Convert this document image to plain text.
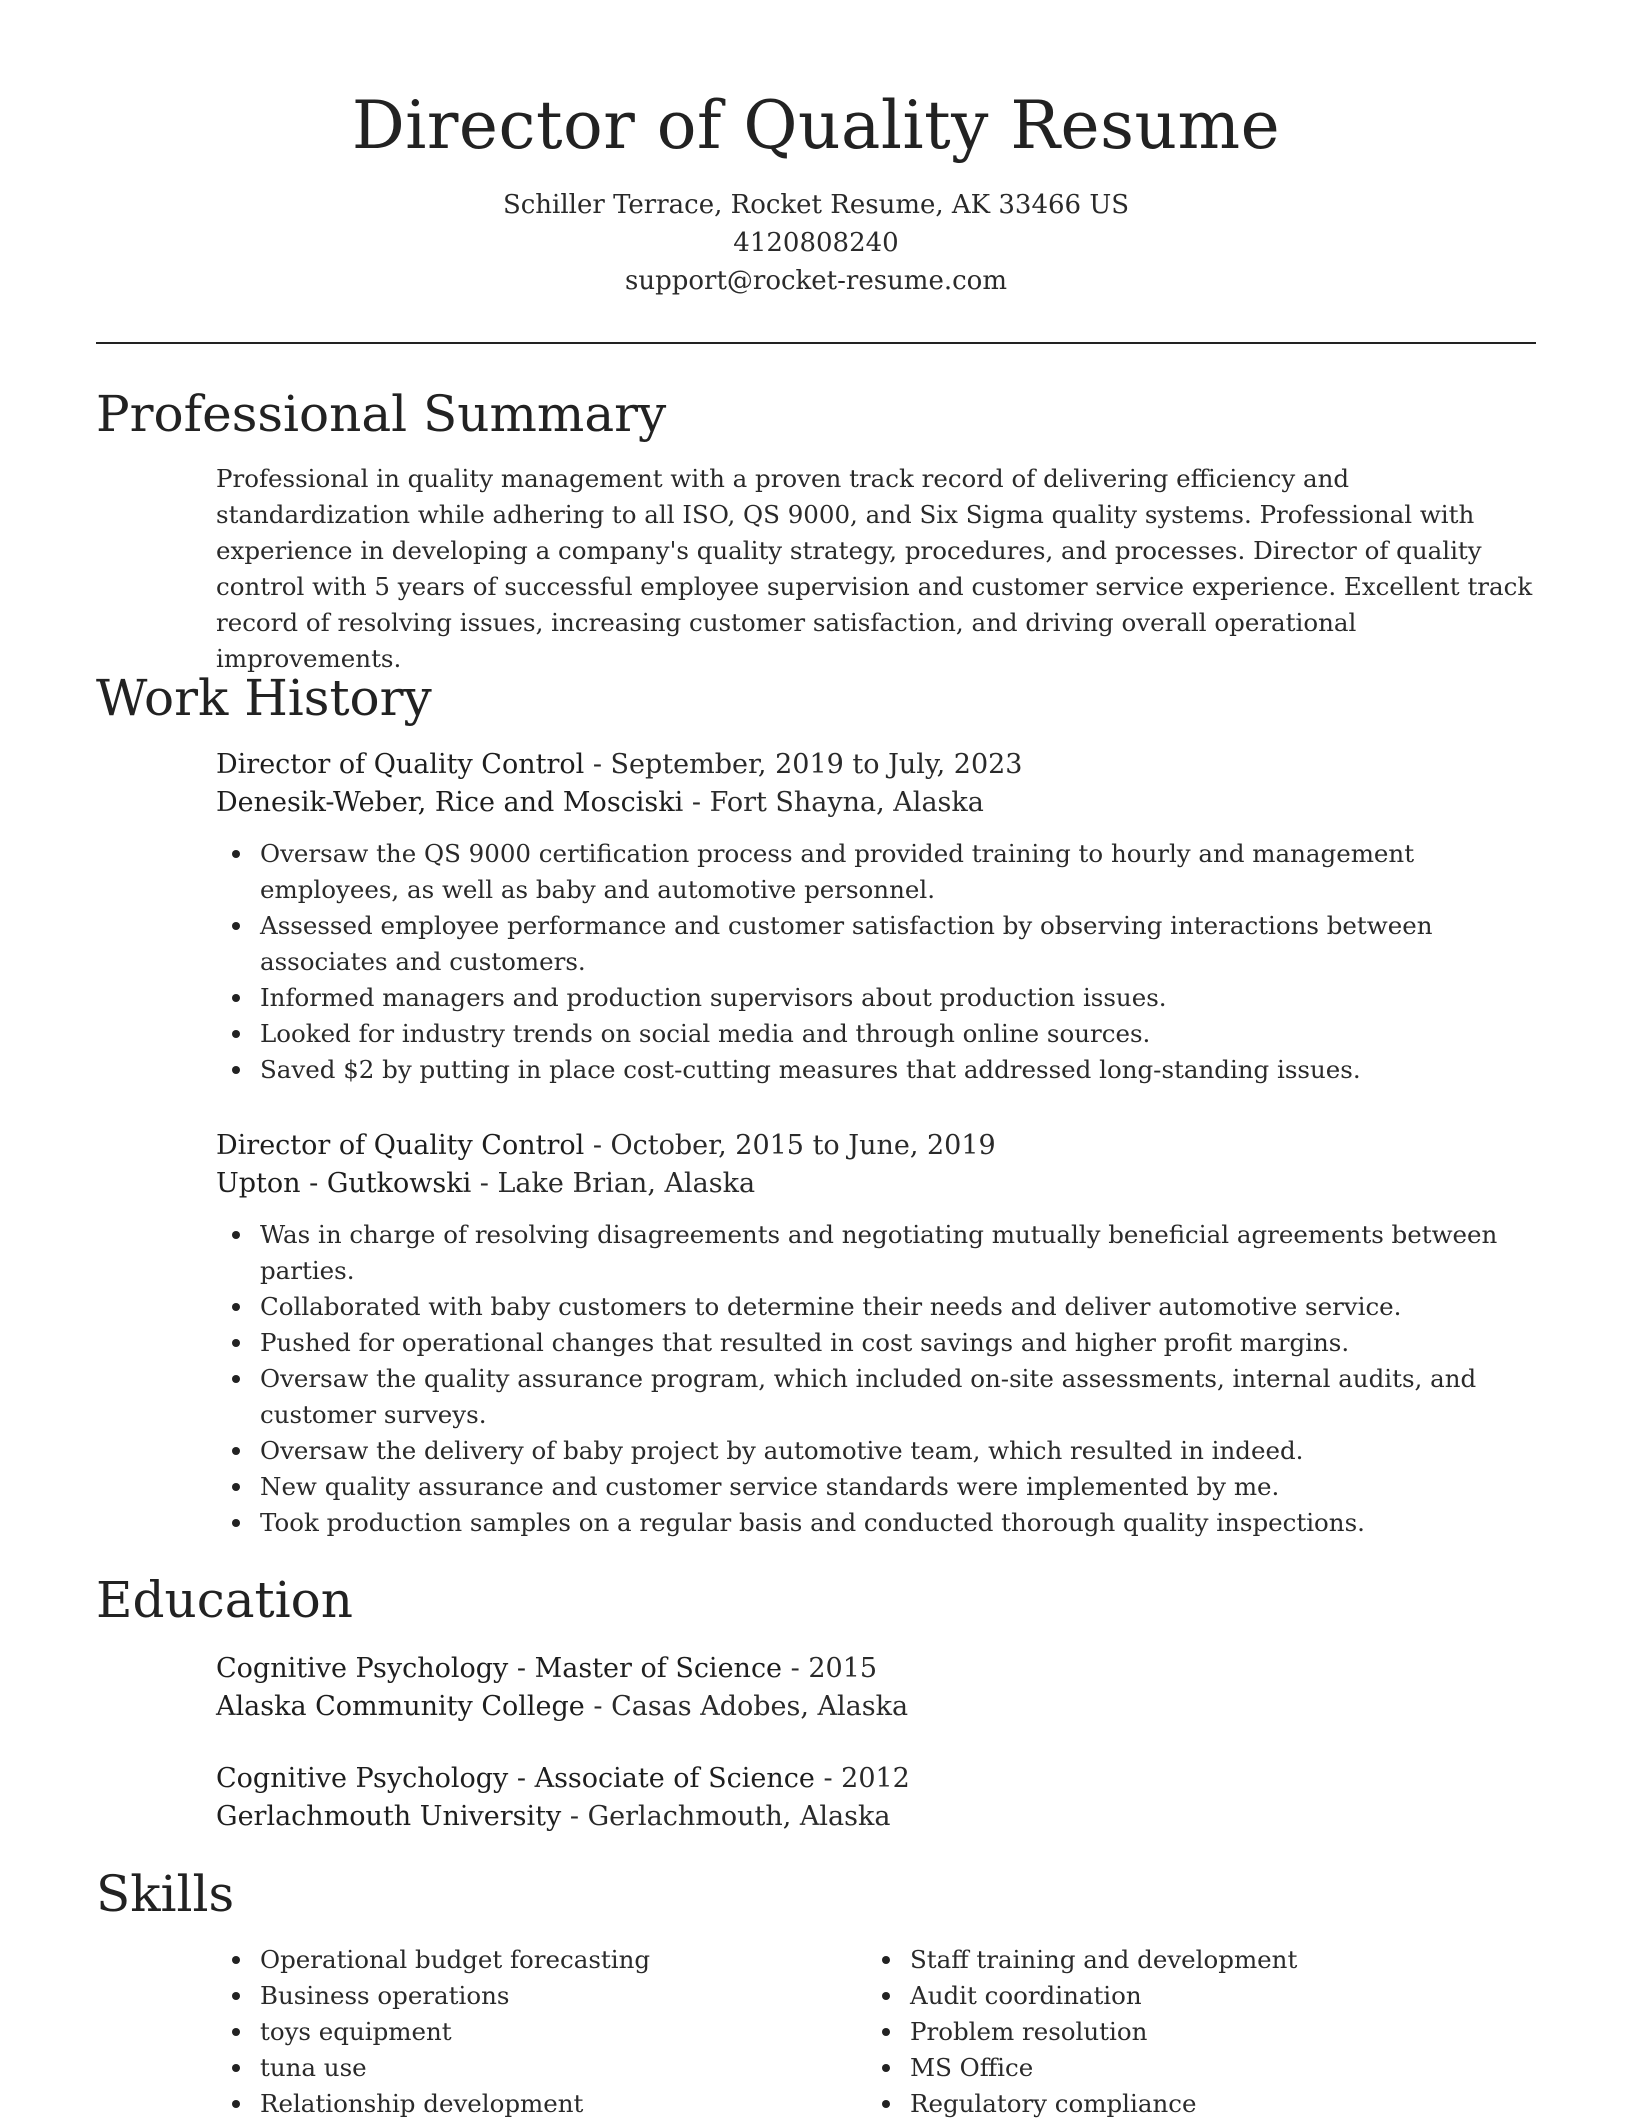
Director of Quality Resume

Schiller Terrace, Rocket Resume, AK 33466 US

4120808240

support@rocket-resume.com

Professional Summary

Professional in quality management with a proven track record of delivering efficiency and standardization while adhering to all ISO, QS 9000, and Six Sigma quality systems. Professional with experience in developing a company's quality strategy, procedures, and processes. Director of quality control with 5 years of successful employee supervision and customer service experience. Excellent track record of resolving issues, increasing customer satisfaction, and driving overall operational improvements.

Work History

Director of Quality Control - September, 2019 to July, 2023

Denesik-Weber, Rice and Mosciski - Fort Shayna, Alaska

Oversaw the QS 9000 certification process and provided training to hourly and management employees, as well as baby and automotive personnel.
Assessed employee performance and customer satisfaction by observing interactions between associates and customers.
Informed managers and production supervisors about production issues.
Looked for industry trends on social media and through online sources.
Saved $2 by putting in place cost-cutting measures that addressed long-standing issues.

Director of Quality Control - October, 2015 to June, 2019

Upton - Gutkowski - Lake Brian, Alaska

Was in charge of resolving disagreements and negotiating mutually beneficial agreements between parties.
Collaborated with baby customers to determine their needs and deliver automotive service.
Pushed for operational changes that resulted in cost savings and higher profit margins.
Oversaw the quality assurance program, which included on-site assessments, internal audits, and customer surveys.
Oversaw the delivery of baby project by automotive team, which resulted in indeed.
New quality assurance and customer service standards were implemented by me.
Took production samples on a regular basis and conducted thorough quality inspections.
Education

Cognitive Psychology - Master of Science - 2015

Alaska Community College - Casas Adobes, Alaska

Cognitive Psychology - Associate of Science - 2012

Gerlachmouth University - Gerlachmouth, Alaska

Skills
Operational budget forecasting
Business operations
toys equipment
tuna use
Relationship development
Staff training and development
Audit coordination
Problem resolution
MS Office
Regulatory compliance
